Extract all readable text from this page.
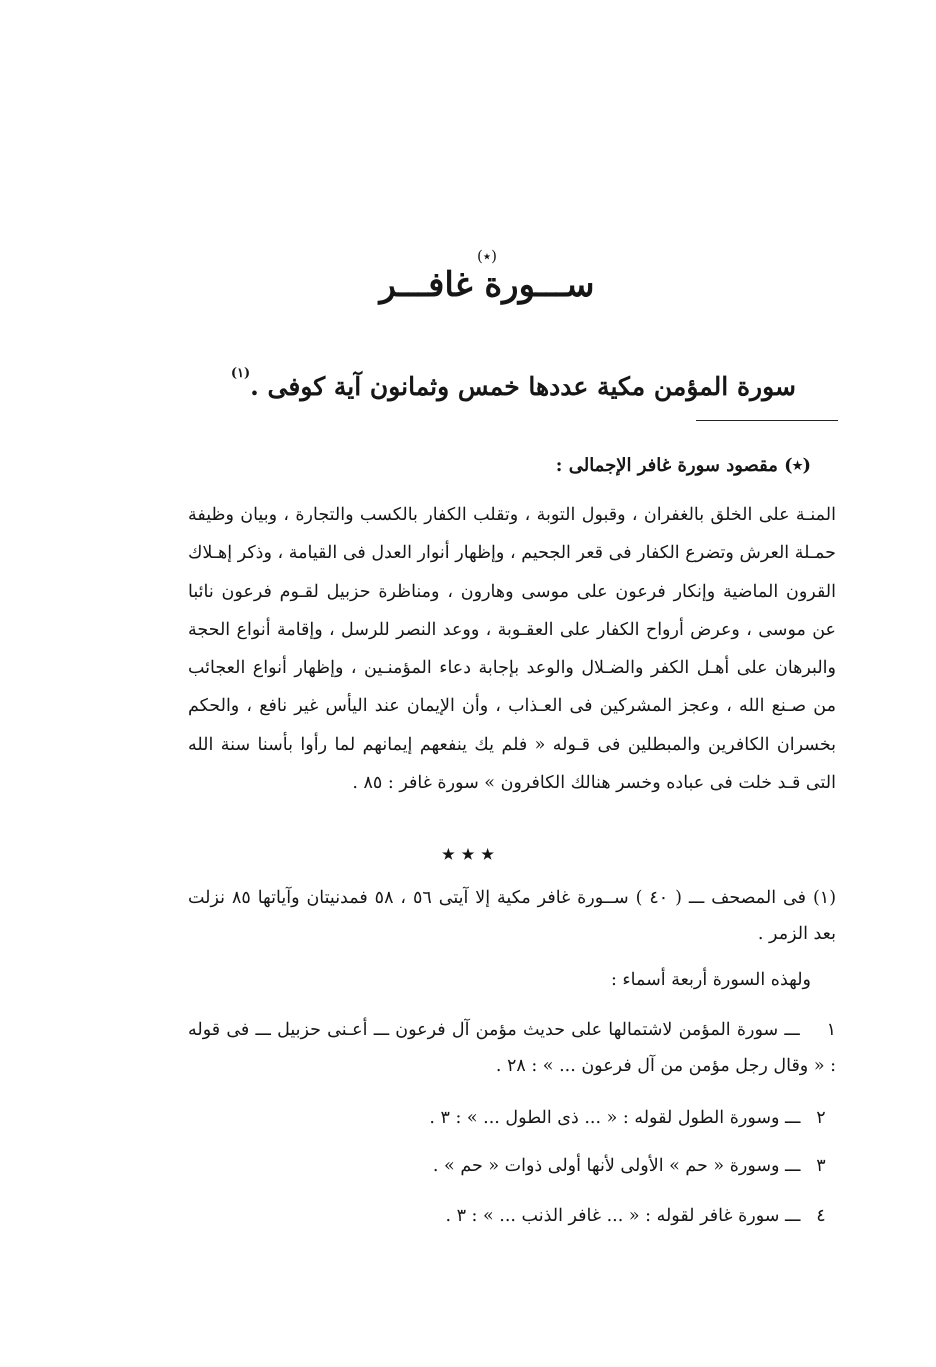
(٭)
ســـورة غافـــر
سورة المؤمن مكية عددها خمس وثمانون آية كوفى .$^{(١)}$
(٭) مقصود سورة غافر الإجمالى :
المنـة على الخلق بالغفران ، وقبول التوبة ، وتقلب الكفار بالكسب والتجارة ، وبيان وظيفة حمـلة العرش وتضرع الكفار فى قعر الجحيم ، وإظهار أنوار العدل فى القيامة ، وذكر إهـلاك القرون الماضية وإنكار فرعون على موسى وهارون ، ومناظرة حزبيل لقـوم فرعون نائبا عن موسى ، وعرض أرواح الكفار على العقـوبة ، ووعد النصر للرسل ، وإقامة أنواع الحجة والبرهان على أهـل الكفر والضـلال والوعد بإجابة دعاء المؤمنـين ، وإظهار أنواع العجائب من صـنع الله ، وعجز المشركين فى العـذاب ، وأن الإيمان عند اليأس غير نافع ، والحكم بخسران الكافرين والمبطلين فى قـوله « فلم يك ينفعهم إيمانهم لما رأوا بأسنا سنة الله التى قـد خلت فى عباده وخسر هنالك الكافرون » سورة غافر : ٨٥ .
٭ ٭ ٭
(١) فى المصحف ـــ ( ٤٠ ) ســورة غافر مكية إلا آيتى ٥٦ ، ٥٨ فمدنيتان وآياتها ٨٥ نزلت بعد الزمر .
ولهذه السورة أربعة أسماء :
١ ـــ سورة المؤمن لاشتمالها على حديث مؤمن آل فرعون ـــ أعـنى حزبيل ـــ فى قوله : « وقال رجل مؤمن من آل فرعون ... » : ٢٨ .
٢ ـــ وسورة الطول لقوله : « ... ذى الطول ... » : ٣ .
٣ ـــ وسورة « حم » الأولى لأنها أولى ذوات « حم » .
٤ ـــ سورة غافر لقوله : « ... غافر الذنب ... » : ٣ .
